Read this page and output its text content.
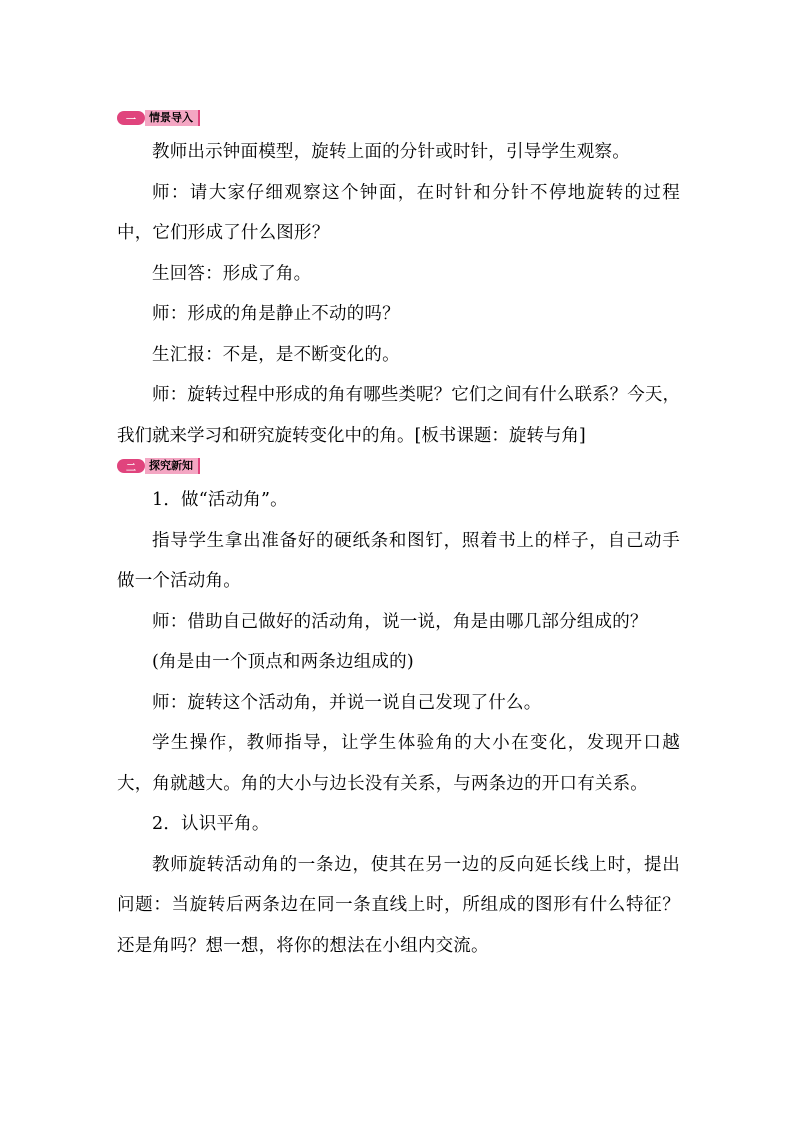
一	情景导入

教师出示钟面模型，旋转上面的分针或时针，引导学生观察。

师：请大家仔细观察这个钟面，在时针和分针不停地旋转的过程中，它们形成了什么图形？

生回答：形成了角。

师：形成的角是静止不动的吗？

生汇报：不是，是不断变化的。

师：旋转过程中形成的角有哪些类呢？它们之间有什么联系？今天，我们就来学习和研究旋转变化中的角。[板书课题：旋转与角]

二	探究新知

1．做“活动角”。

指导学生拿出准备好的硬纸条和图钉，照着书上的样子，自己动手做一个活动角。

师：借助自己做好的活动角，说一说，角是由哪几部分组成的？

(角是由一个顶点和两条边组成的)

师：旋转这个活动角，并说一说自己发现了什么。

学生操作，教师指导，让学生体验角的大小在变化，发现开口越大，角就越大。角的大小与边长没有关系，与两条边的开口有关系。

2．认识平角。

教师旋转活动角的一条边，使其在另一边的反向延长线上时，提出问题：当旋转后两条边在同一条直线上时，所组成的图形有什么特征？还是角吗？想一想，将你的想法在小组内交流。
